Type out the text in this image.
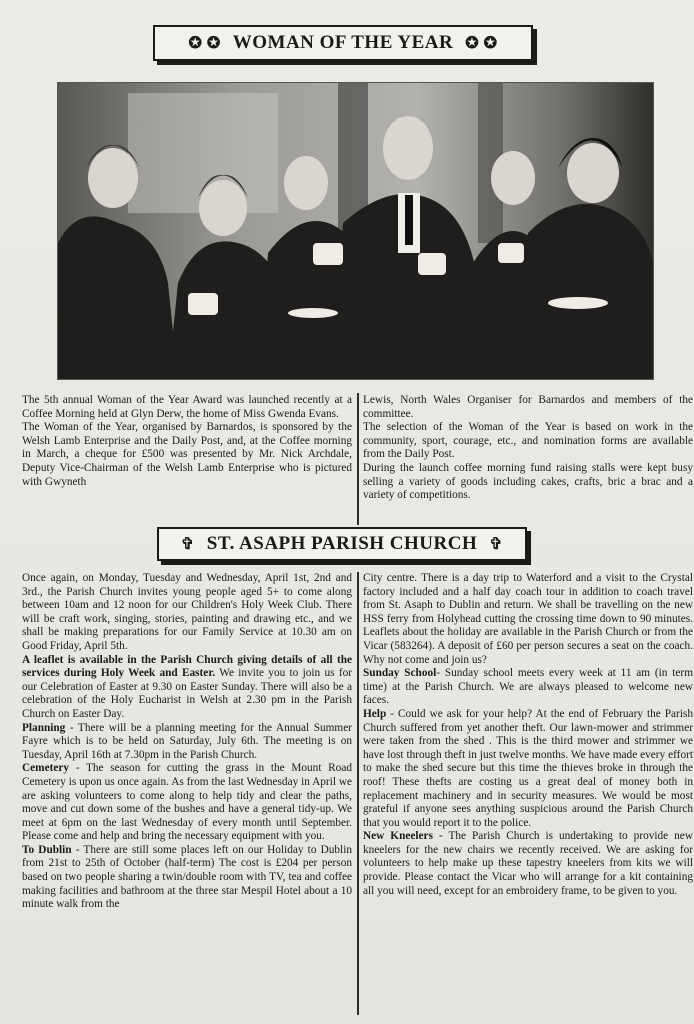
✪ ✪ WOMAN OF THE YEAR ✪ ✪

The 5th annual Woman of the Year Award was launched recently at a Coffee Morning held at Glyn Derw, the home of Miss Gwenda Evans.

The Woman of the Year, organised by Barnardos, is sponsored by the Welsh Lamb Enterprise and the Daily Post, and, at the Coffee morning in March, a cheque for £500 was presented by Mr. Nick Archdale, Deputy Vice-Chairman of the Welsh Lamb Enterprise who is pictured with Gwyneth

Lewis, North Wales Organiser for Barnardos and members of the committee.

The selection of the Woman of the Year is based on work in the community, sport, courage, etc., and nomination forms are available from the Daily Post.

During the launch coffee morning fund raising stalls were kept busy selling a variety of goods including cakes, crafts, bric a brac and a variety of competitions.

✞ ST. ASAPH PARISH CHURCH ✞

Once again, on Monday, Tuesday and Wednesday, April 1st, 2nd and 3rd., the Parish Church invites young people aged 5+ to come along between 10am and 12 noon for our Children's Holy Week Club. There will be craft work, singing, stories, painting and drawing etc., and we shall be making preparations for our Family Service at 10.30 am on Good Friday, April 5th.

A leaflet is available in the Parish Church giving details of all the services during Holy Week and Easter. We invite you to join us for our Celebration of Easter at 9.30 on Easter Sunday. There will also be a celebration of the Holy Eucharist in Welsh at 2.30 pm in the Parish Church on Easter Day.

Planning - There will be a planning meeting for the Annual Summer Fayre which is to be held on Saturday, July 6th. The meeting is on Tuesday, April 16th at 7.30pm in the Parish Church.

Cemetery - The season for cutting the grass in the Mount Road Cemetery is upon us once again. As from the last Wednesday in April we are asking volunteers to come along to help tidy and clear the paths, move and cut down some of the bushes and have a general tidy-up. We meet at 6pm on the last Wednesday of every month until September. Please come and help and bring the necessary equipment with you.

To Dublin - There are still some places left on our Holiday to Dublin from 21st to 25th of October (half-term) The cost is £204 per person based on two people sharing a twin/double room with TV, tea and coffee making facilities and bathroom at the three star Mespil Hotel about a 10 minute walk from the

City centre. There is a day trip to Waterford and a visit to the Crystal factory included and a half day coach tour in addition to coach travel from St. Asaph to Dublin and return. We shall be travelling on the new HSS ferry from Holyhead cutting the crossing time down to 90 minutes. Leaflets about the holiday are available in the Parish Church or from the Vicar (583264). A deposit of £60 per person secures a seat on the coach. Why not come and join us?

Sunday School- Sunday school meets every week at 11 am (in term time) at the Parish Church. We are always pleased to welcome new faces.

Help - Could we ask for your help? At the end of February the Parish Church suffered from yet another theft. Our lawn-mower and strimmer were taken from the shed . This is the third mower and strimmer we have lost through theft in just twelve months. We have made every effort to make the shed secure but this time the thieves broke in through the roof! These thefts are costing us a great deal of money both in replacement machinery and in security measures. We would be most grateful if anyone sees anything suspicious around the Parish Church that you would report it to the police.

New Kneelers - The Parish Church is undertaking to provide new kneelers for the new chairs we recently received. We are asking for volunteers to help make up these tapestry kneelers from kits we will provide. Please contact the Vicar who will arrange for a kit containing all you will need, except for an embroidery frame, to be given to you.
